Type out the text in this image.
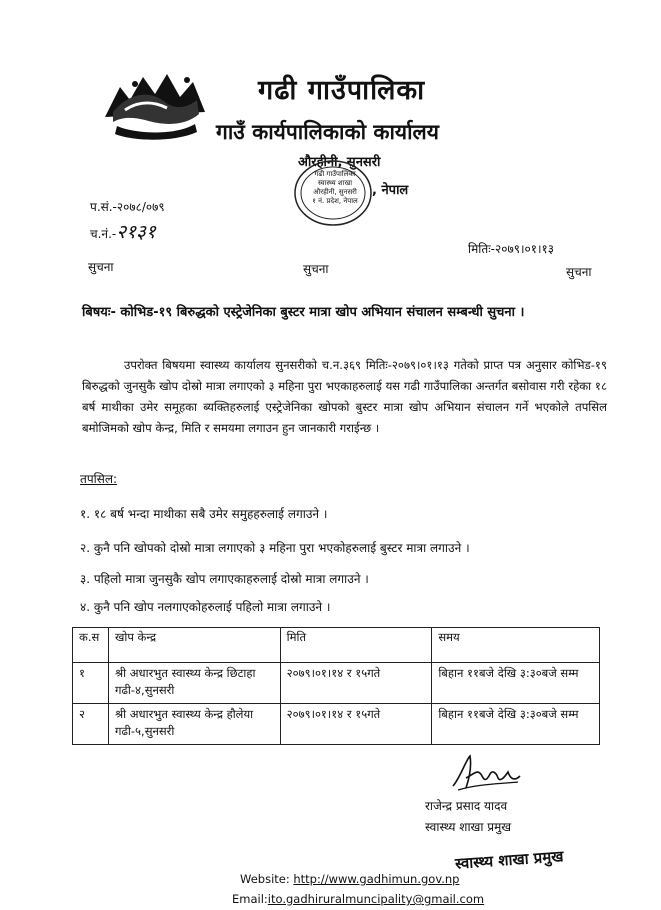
गढी गाउँपालिका
गाउँ कार्यपालिकाको कार्यालय
औरहीनी, सुनसरी
, नेपाल
गढी गाउँपालिका
स्वास्थ्य शाखा
औरहीनी, सुनसरी
१ नं. प्रदेश, नेपाल
प.सं.-२०७८/०७९
च.नं.-२१३१
मितिः-२०७९।०१।१३
सुचना	सुचना	सुचना
बिषयः- कोभिड-१९ बिरुद्धको एस्ट्रेजेनिका बुस्टर मात्रा खोप अभियान संचालन सम्बन्धी सुचना ।
उपरोक्त बिषयमा स्वास्थ्य कार्यालय सुनसरीको च.न.३६९ मितिः-२०७९।०१।१३ गतेको प्राप्त पत्र अनुसार कोभिड-१९ बिरुद्धको जुनसुकै खोप दोस्रो मात्रा लगाएको ३ महिना पुरा भएकाहरुलाई यस गढी गाउँपालिका अन्तर्गत बसोवास गरी रहेका १८ बर्ष माथीका उमेर समूहका ब्यक्तिहरुलाई एस्ट्रेजेनिका खोपको बुस्टर मात्रा खोप अभियान संचालन गर्ने भएकोले तपसिल बमोजिमको खोप केन्द्र, मिति र समयमा लगाउन हुन जानकारी गराईन्छ ।
तपसिल:
१. १८ बर्ष भन्दा माथीका सबै उमेर समुहहरुलाई लगाउने ।
२. कुनै पनि खोपको दोस्रो मात्रा लगाएको ३ महिना पुरा भएकोहरुलाई बुस्टर मात्रा लगाउने ।
३. पहिलो मात्रा जुनसुकै खोप लगाएकाहरुलाई दोस्रो मात्रा लगाउने ।
४. कुनै पनि खोप नलगाएकोहरुलाई पहिलो मात्रा लगाउने ।
क.स	खोप केन्द्र	मिति	समय
१	श्री अधारभुत स्वास्थ्य केन्द्र छिटाहा गढी-४,सुनसरी	२०७९।०१।१४ र १५गते	बिहान ११बजे देखि ३:३०बजे सम्म
२	श्री अधारभुत स्वास्थ्य केन्द्र हौलेया गढी-५,सुनसरी	२०७९।०१।१४ र १५गते	बिहान ११बजे देखि ३:३०बजे सम्म
राजेन्द्र प्रसाद यादव
स्वास्थ्य शाखा प्रमुख
स्वास्थ्य शाखा प्रमुख
Website: http://www.gadhimun.gov.np
Email:ito.gadhiruralmuncipality@gmail.com
